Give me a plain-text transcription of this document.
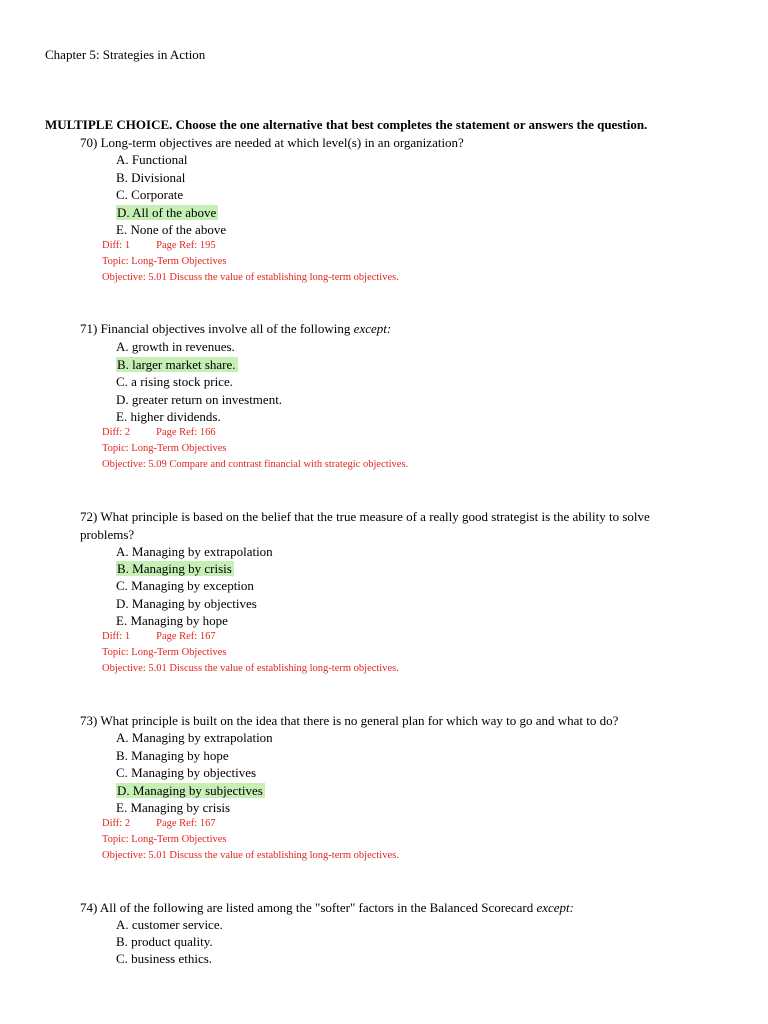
Chapter 5: Strategies in Action
MULTIPLE CHOICE. Choose the one alternative that best completes the statement or answers the question.
70) Long-term objectives are needed at which level(s) in an organization?
A. Functional
B. Divisional
C. Corporate
D. All of the above
E. None of the above
Diff: 1 Page Ref: 195
Topic: Long-Term Objectives
Objective: 5.01 Discuss the value of establishing long-term objectives.
71) Financial objectives involve all of the following except:
A. growth in revenues.
B. larger market share.
C. a rising stock price.
D. greater return on investment.
E. higher dividends.
Diff: 2 Page Ref: 166
Topic: Long-Term Objectives
Objective: 5.09 Compare and contrast financial with strategic objectives.
72) What principle is based on the belief that the true measure of a really good strategist is the ability to solve problems?
A. Managing by extrapolation
B. Managing by crisis
C. Managing by exception
D. Managing by objectives
E. Managing by hope
Diff: 1 Page Ref: 167
Topic: Long-Term Objectives
Objective: 5.01 Discuss the value of establishing long-term objectives.
73) What principle is built on the idea that there is no general plan for which way to go and what to do?
A. Managing by extrapolation
B. Managing by hope
C. Managing by objectives
D. Managing by subjectives
E. Managing by crisis
Diff: 2 Page Ref: 167
Topic: Long-Term Objectives
Objective: 5.01 Discuss the value of establishing long-term objectives.
74) All of the following are listed among the "softer" factors in the Balanced Scorecard except:
A. customer service.
B. product quality.
C. business ethics.
